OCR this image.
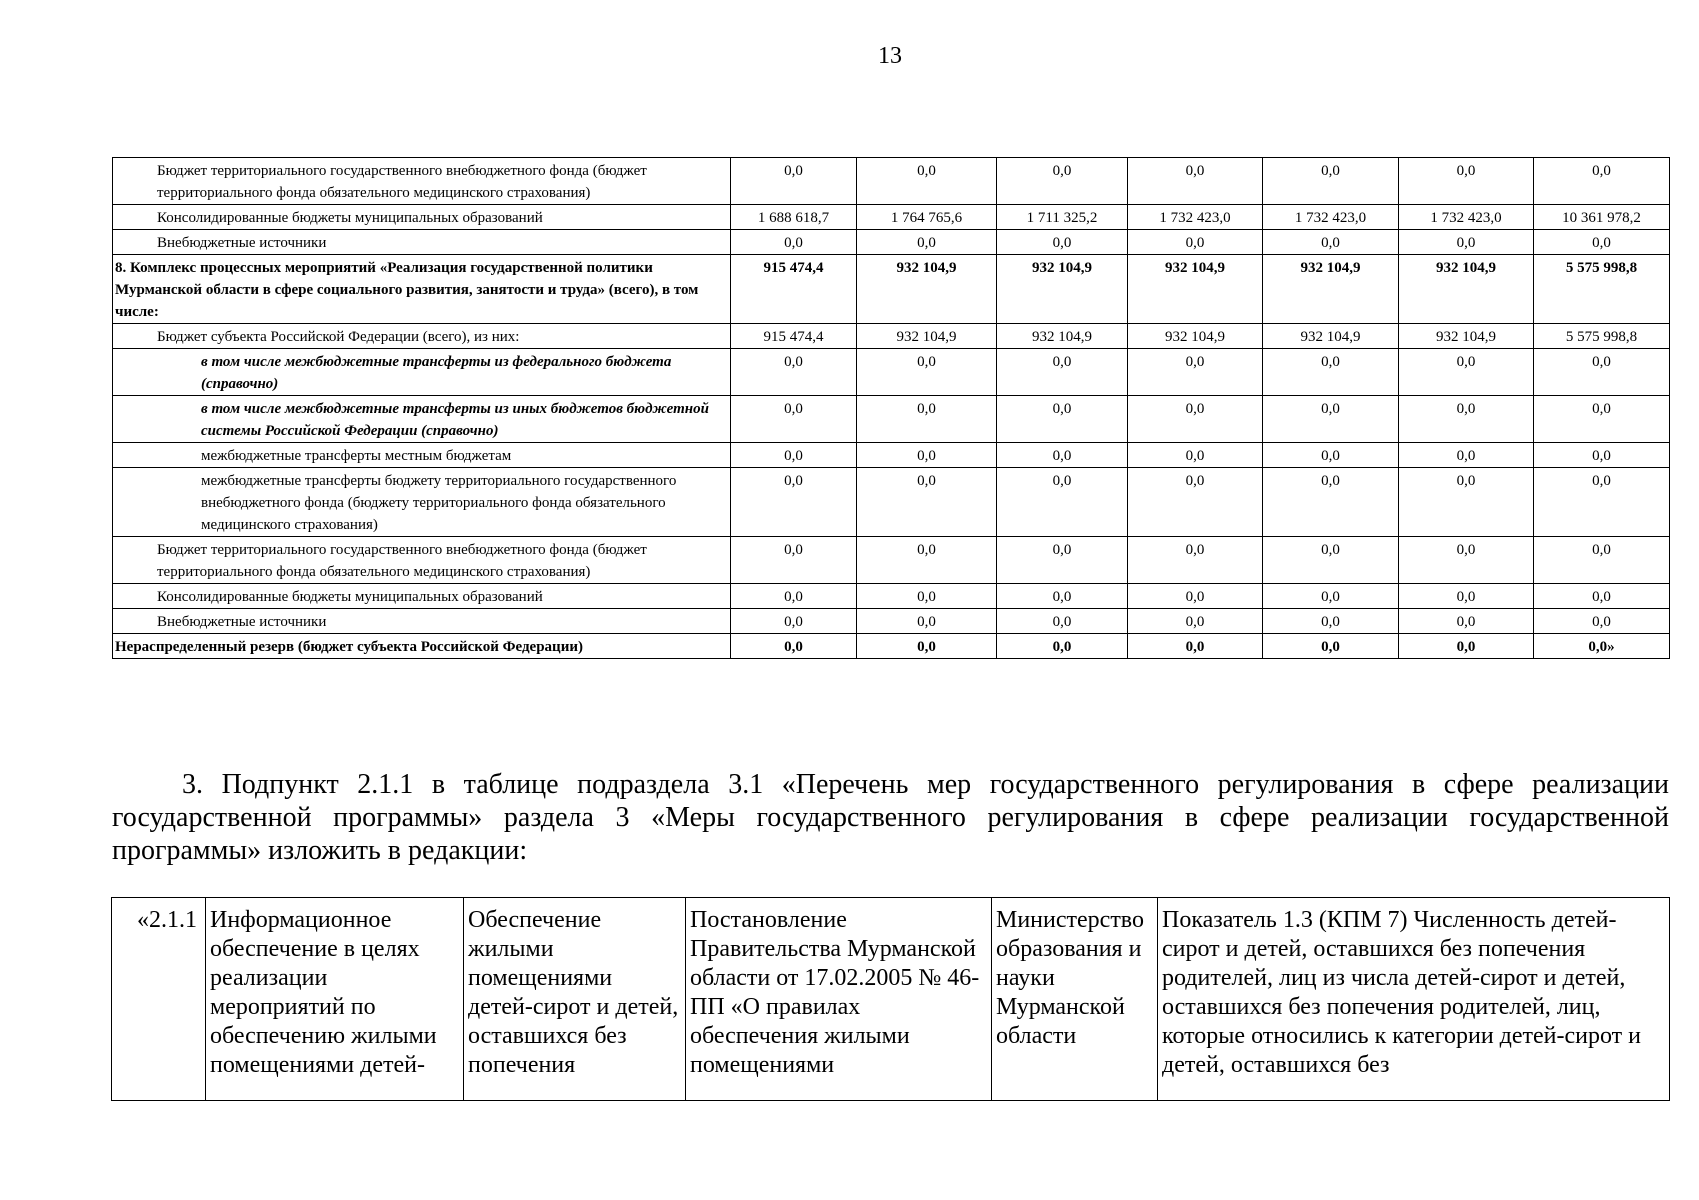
13
Бюджет территориального государственного внебюджетного фонда (бюджет территориального фонда обязательного медицинского страхования)	0,0	0,0	0,0	0,0	0,0	0,0	0,0
Консолидированные бюджеты муниципальных образований	1 688 618,7	1 764 765,6	1 711 325,2	1 732 423,0	1 732 423,0	1 732 423,0	10 361 978,2
Внебюджетные источники	0,0	0,0	0,0	0,0	0,0	0,0	0,0
8. Комплекс процессных мероприятий «Реализация государственной политики Мурманской области в сфере социального развития, занятости и труда» (всего), в том числе:	915 474,4	932 104,9	932 104,9	932 104,9	932 104,9	932 104,9	5 575 998,8
Бюджет субъекта Российской Федерации (всего), из них:	915 474,4	932 104,9	932 104,9	932 104,9	932 104,9	932 104,9	5 575 998,8
в том числе межбюджетные трансферты из федерального бюджета (справочно)	0,0	0,0	0,0	0,0	0,0	0,0	0,0
в том числе межбюджетные трансферты из иных бюджетов бюджетной системы Российской Федерации (справочно)	0,0	0,0	0,0	0,0	0,0	0,0	0,0
межбюджетные трансферты местным бюджетам	0,0	0,0	0,0	0,0	0,0	0,0	0,0
межбюджетные трансферты бюджету территориального государственного внебюджетного фонда (бюджету территориального фонда обязательного медицинского страхования)	0,0	0,0	0,0	0,0	0,0	0,0	0,0
Бюджет территориального государственного внебюджетного фонда (бюджет территориального фонда обязательного медицинского страхования)	0,0	0,0	0,0	0,0	0,0	0,0	0,0
Консолидированные бюджеты муниципальных образований	0,0	0,0	0,0	0,0	0,0	0,0	0,0
Внебюджетные источники	0,0	0,0	0,0	0,0	0,0	0,0	0,0
Нераспределенный резерв (бюджет субъекта Российской Федерации)	0,0	0,0	0,0	0,0	0,0	0,0	0,0»

3. Подпункт 2.1.1 в таблице подраздела 3.1 «Перечень мер государственного регулирования в сфере реализации государственной программы» раздела 3 «Меры государственного регулирования в сфере реализации государственной программы» изложить в редакции:

«2.1.1	Информационное обеспечение в целях реализации мероприятий по обеспечению жилыми помещениями детей-	Обеспечение жилыми помещениями детей-сирот и детей, оставшихся без попечения	Постановление Правительства Мурманской области от 17.02.2005 № 46-ПП «О правилах обеспечения жилыми помещениями	Министерство образования и науки Мурманской области	Показатель 1.3 (КПМ 7) Численность детей-сирот и детей, оставшихся без попечения родителей, лиц из числа детей-сирот и детей, оставшихся без попечения родителей, лиц, которые относились к категории детей-сирот и детей, оставшихся без
